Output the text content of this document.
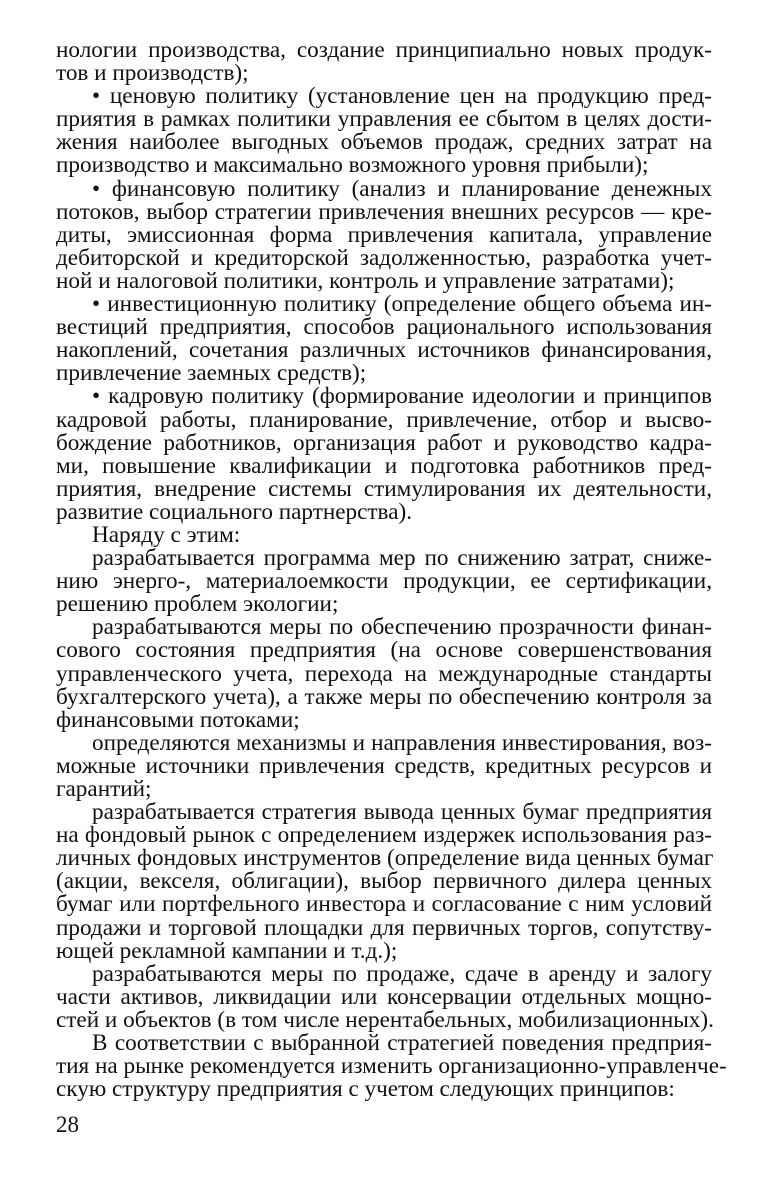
нологии производства, создание принципиально новых продук-
тов и производств);
• ценовую политику (установление цен на продукцию пред-
приятия в рамках политики управления ее сбытом в целях дости-
жения наиболее выгодных объемов продаж, средних затрат на
производство и максимально возможного уровня прибыли);
• финансовую политику (анализ и планирование денежных
потоков, выбор стратегии привлечения внешних ресурсов — кре-
диты, эмиссионная форма привлечения капитала, управление
дебиторской и кредиторской задолженностью, разработка учет-
ной и налоговой политики, контроль и управление затратами);
• инвестиционную политику (определение общего объема ин-
вестиций предприятия, способов рационального использования
накоплений, сочетания различных источников финансирования,
привлечение заемных средств);
• кадровую политику (формирование идеологии и принципов
кадровой работы, планирование, привлечение, отбор и высво-
бождение работников, организация работ и руководство кадра-
ми, повышение квалификации и подготовка работников пред-
приятия, внедрение системы стимулирования их деятельности,
развитие социального партнерства).
Наряду с этим:
разрабатывается программа мер по снижению затрат, сниже-
нию энерго-, материалоемкости продукции, ее сертификации,
решению проблем экологии;
разрабатываются меры по обеспечению прозрачности финан-
сового состояния предприятия (на основе совершенствования
управленческого учета, перехода на международные стандарты
бухгалтерского учета), а также меры по обеспечению контроля за
финансовыми потоками;
определяются механизмы и направления инвестирования, воз-
можные источники привлечения средств, кредитных ресурсов и
гарантий;
разрабатывается стратегия вывода ценных бумаг предприятия
на фондовый рынок с определением издержек использования раз-
личных фондовых инструментов (определение вида ценных бумаг
(акции, векселя, облигации), выбор первичного дилера ценных
бумаг или портфельного инвестора и согласование с ним условий
продажи и торговой площадки для первичных торгов, сопутству-
ющей рекламной кампании и т.д.);
разрабатываются меры по продаже, сдаче в аренду и залогу
части активов, ликвидации или консервации отдельных мощно-
стей и объектов (в том числе нерентабельных, мобилизационных).
В соответствии с выбранной стратегией поведения предприя-
тия на рынке рекомендуется изменить организационно-управленче-
скую структуру предприятия с учетом следующих принципов:
28
